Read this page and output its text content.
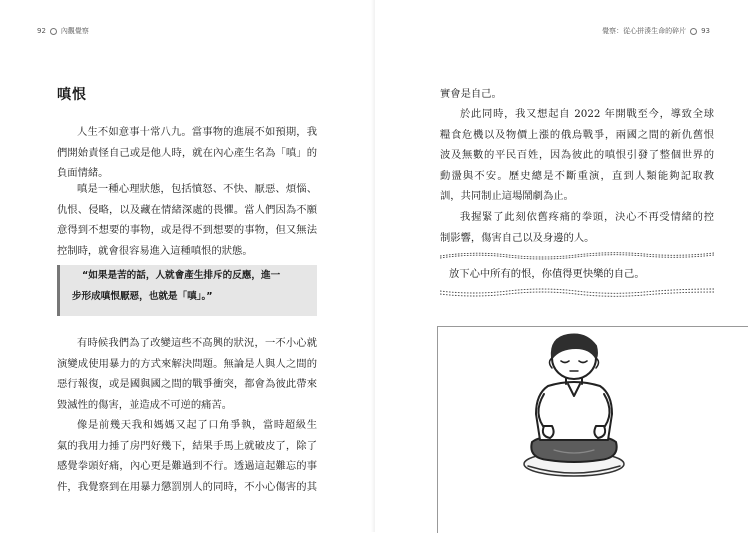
92 內觀覺察
嗔恨
人生不如意事十常八九。當事物的進展不如預期，我
們開始責怪自己或是他人時，就在內心產生名為「嗔」的
負面情緒。
嗔是一種心理狀態，包括憤怒、不快、厭惡、煩惱、
仇恨、侵略，以及藏在情緒深處的畏懼。當人們因為不願
意得到不想要的事物，或是得不到想要的事物，但又無法
控制時，就會很容易進入這種嗔恨的狀態。
“如果是苦的話，人就會產生排斥的反應，進一
步形成嗔恨厭惡，也就是「嗔」。”
有時候我們為了改變這些不高興的狀況，一不小心就
演變成使用暴力的方式來解決問題。無論是人與人之間的
惡行報復，或是國與國之間的戰爭衝突，都會為彼此帶來
毀滅性的傷害，並造成不可逆的痛苦。
像是前幾天我和媽媽又起了口角爭執，當時超級生
氣的我用力捶了房門好幾下，結果手馬上就破皮了，除了
感覺拳頭好痛，內心更是難過到不行。透過這起難忘的事
件，我覺察到在用暴力懲罰別人的同時，不小心傷害的其
覺察：從心拼湊生命的碎片 93
實會是自己。
於此同時，我又想起自 2022 年開戰至今，導致全球
糧食危機以及物價上漲的俄烏戰爭，兩國之間的新仇舊恨
波及無數的平民百姓，因為彼此的嗔恨引發了整個世界的
動盪與不安。歷史總是不斷重演，直到人類能夠記取教
訓，共同制止這場鬧劇為止。
我握緊了此刻依舊疼痛的拳頭，決心不再受情緒的控
制影響，傷害自己以及身邊的人。
放下心中所有的恨，你值得更快樂的自己。
